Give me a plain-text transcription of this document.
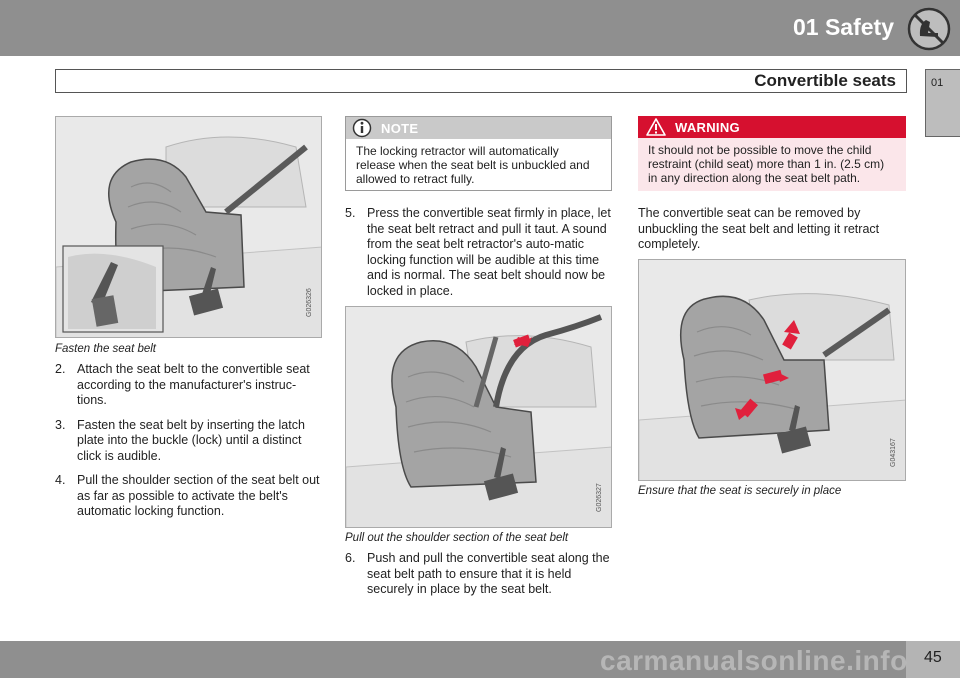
01 Safety
Convertible seats	01
G026326
Fasten the seat belt
2. Attach the seat belt to the convertible seat according to the manufacturer's instruc-tions.
3. Fasten the seat belt by inserting the latch plate into the buckle (lock) until a distinct click is audible.
4. Pull the shoulder section of the seat belt out as far as possible to activate the belt's automatic locking function.
NOTE
The locking retractor will automatically release when the seat belt is unbuckled and allowed to retract fully.
5. Press the convertible seat firmly in place, let the seat belt retract and pull it taut. A sound from the seat belt retractor's auto-matic locking function will be audible at this time and is normal. The seat belt should now be locked in place.
G026327
Pull out the shoulder section of the seat belt
6. Push and pull the convertible seat along the seat belt path to ensure that it is held securely in place by the seat belt.
WARNING
It should not be possible to move the child restraint (child seat) more than 1 in. (2.5 cm) in any direction along the seat belt path.
The convertible seat can be removed by unbuckling the seat belt and letting it retract completely.
G043167
Ensure that the seat is securely in place
carmanualsonline.info 45
